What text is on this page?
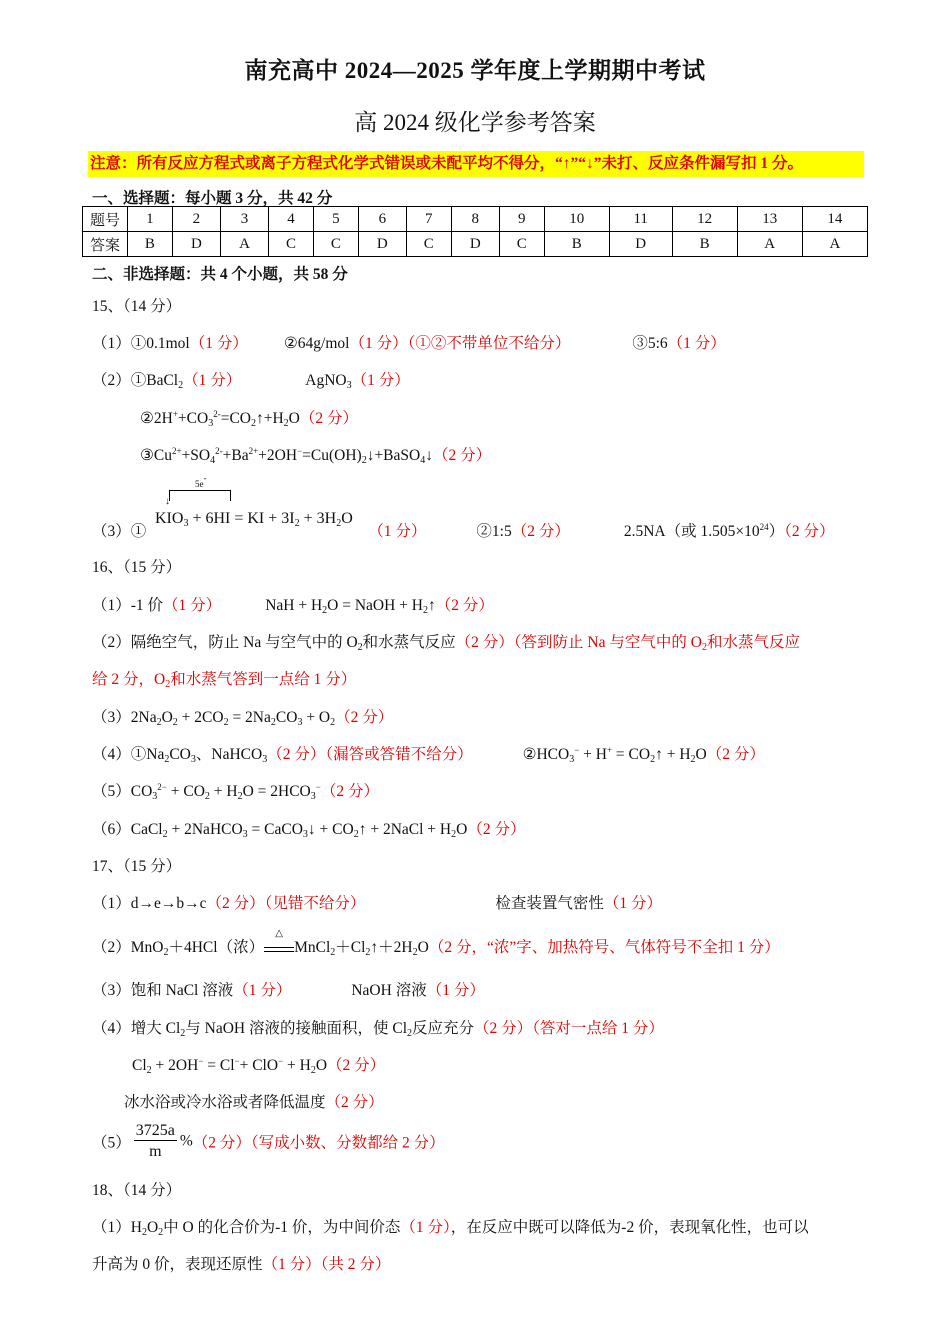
南充高中 2024—2025 学年度上学期期中考试
高 2024 级化学参考答案
注意：所有反应方程式或离子方程式化学式错误或未配平均不得分，“↑”“↓”未打、反应条件漏写扣 1 分。
一、选择题：每小题 3 分，共 42 分
题号	1	2	3	4	5	6	7	8	9	10	11	12	13	14
答案	B	D	A	C	C	D	C	D	C	B	D	B	A	A
二、非选择题：共 4 个小题，共 58 分
15、（14 分）
（1）①0.1mol（1 分） ②64g/mol（1 分）（①②不带单位不给分）	③5:6（1 分）
（2）①BaCl$_2$（1 分）	AgNO$_3$（1 分）
$②2H^++CO_3^{2-}=CO_2↑+H_2O(2$ 分）
$③Cu^{2+}+SO_4^{2-}+Ba^{2+}+2OH^-=Cu(OH)_2↓+BaSO_4↓(2$ 分）
5e-
↓
$KIO_3 + 6HI$ = KI + $3I_2 + 3H_2O$
（3）①	（1 分）	②1:5（2 分）	2.5NA（或 $1.505\times 10^{24})(2$ 分）
16、（15 分）
（1）-1 价（1 分）	NaH + $H_2O$ = NaOH + $H_2↑(2$ 分）
（2）隔绝空气，防止 Na 与空气中的 $O_2$和水蒸气反应（2 分）（答到防止 Na 与空气中的 $O_2$和水蒸气反应
给 2 分，$O_2$和水蒸气答到一点给 1 分）
$(3)2Na_2O_2 + 2CO_2 = 2Na_2CO_3 + O_2(2$ 分）
$(4)①Na_2CO_3$、NaHCO$_3$（2 分）（漏答或答错不给分）	$②HCO_3^- + H^+$ = $CO_2↑ + H_2O(2$ 分）
$(5)CO_3^{2-} + CO_2 + H_2O = 2HCO_3^-(2$ 分）
（6）CaCl$_2$ + 2NaHCO$_3$ = CaCO$_3$↓ + $CO_2↑$ + 2NaCl + $H_2O(2$ 分）
17、（15 分）
（1）d→e→b→c（2 分）（见错不给分）	检查装置气密性（1 分）
（2）MnO$_2$＋4HCl（浓）
△
$MnCl_2+Cl_2↑+2H_2O(2$ 分，“浓”字、加热符号、气体符号不全扣 1 分）
（3）饱和 NaCl 溶液（1 分）	NaOH 溶液（1 分）
（4）增大 $Cl_2$与 NaOH 溶液的接触面积，使 $Cl_2$反应充分（2 分）（答对一点给 1 分）
$Cl_2 + 2OH^- = Cl^-+ ClO^- + H_2O(2$ 分）
冰水浴或冷水浴或者降低温度（2 分）
$(5) \frac{3725a}{m} \%(2$ 分）（写成小数、分数都给 2 分）
18、（14 分）
$(1)H_2O_2$中 O 的化合价为-1 价，为中间价态（1 分），在反应中既可以降低为-2 价，表现氧化性，也可以
升高为 0 价，表现还原性（1 分）（共 2 分）
